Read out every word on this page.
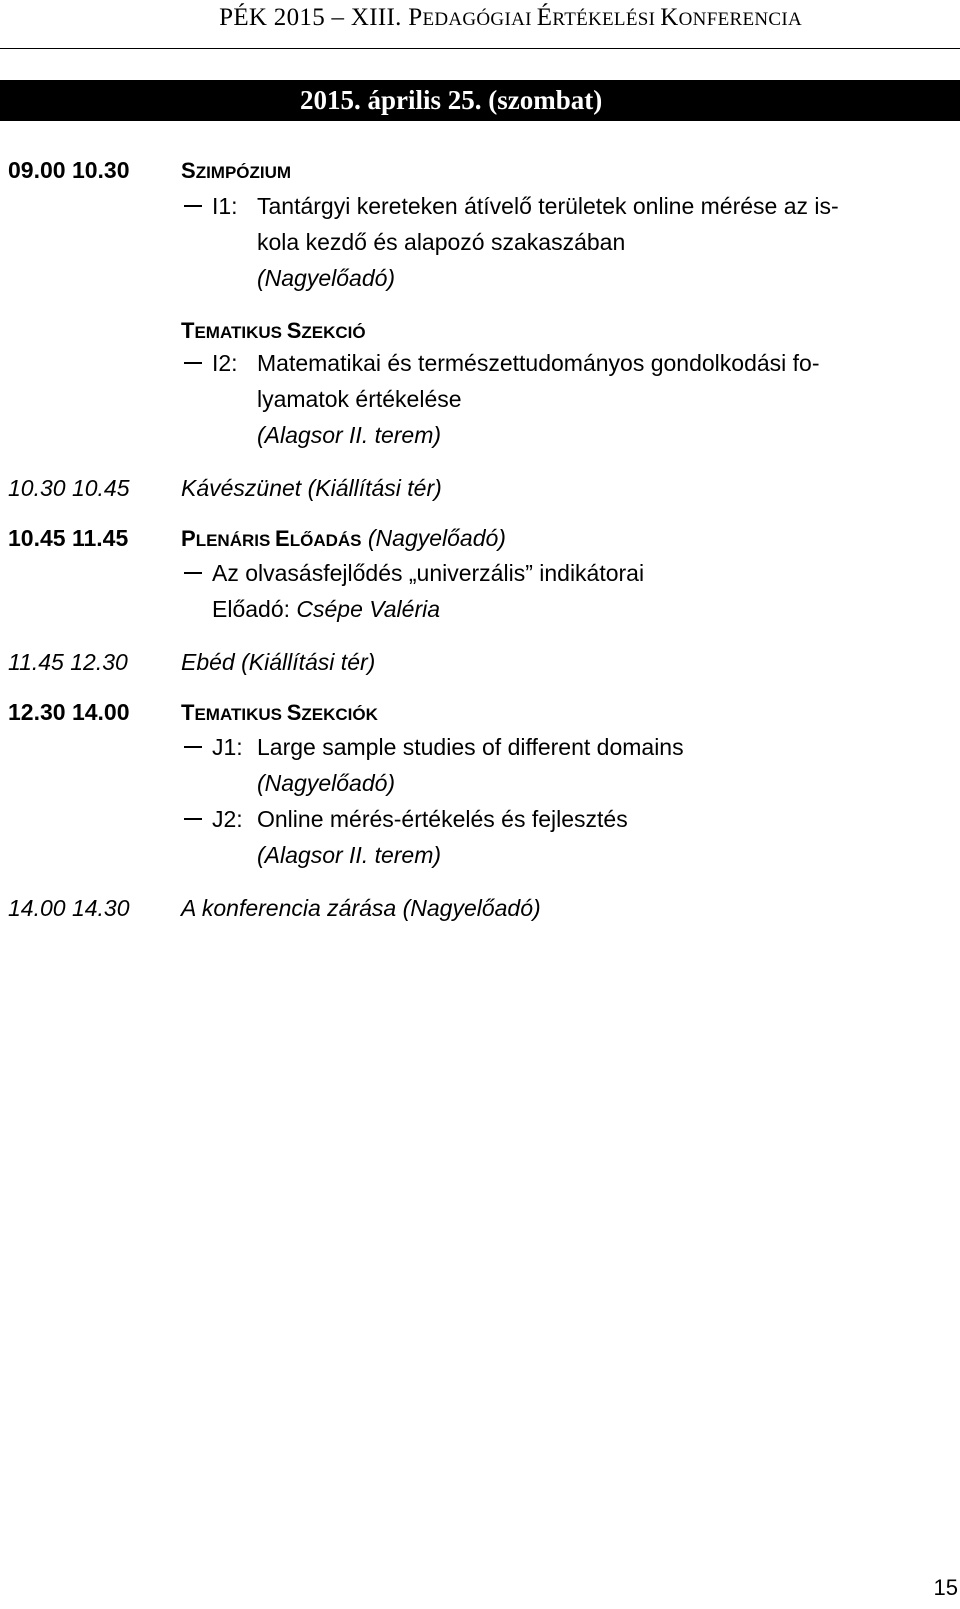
PÉK 2015 – XIII. PEDAGÓGIAI ÉRTÉKELÉSI KONFERENCIA
2015. április 25. (szombat)
09.00 10.30 SZIMPÓZIUM
I1: Tantárgyi kereteken átívelő területek online mérése az is-
kola kezdő és alapozó szakaszában
(Nagyelőadó)
TEMATIKUS SZEKCIÓ
I2: Matematikai és természettudományos gondolkodási fo-
lyamatok értékelése
(Alagsor II. terem)
10.30 10.45 Kávészünet (Kiállítási tér)
10.45 11.45 PLENÁRIS ELŐADÁS (Nagyelőadó)
Az olvasásfejlődés „univerzális” indikátorai
Előadó: Csépe Valéria
11.45 12.30 Ebéd (Kiállítási tér)
12.30 14.00 TEMATIKUS SZEKCIÓK
J1: Large sample studies of different domains
(Nagyelőadó)
J2: Online mérés-értékelés és fejlesztés
(Alagsor II. terem)
14.00 14.30 A konferencia zárása (Nagyelőadó)
15
